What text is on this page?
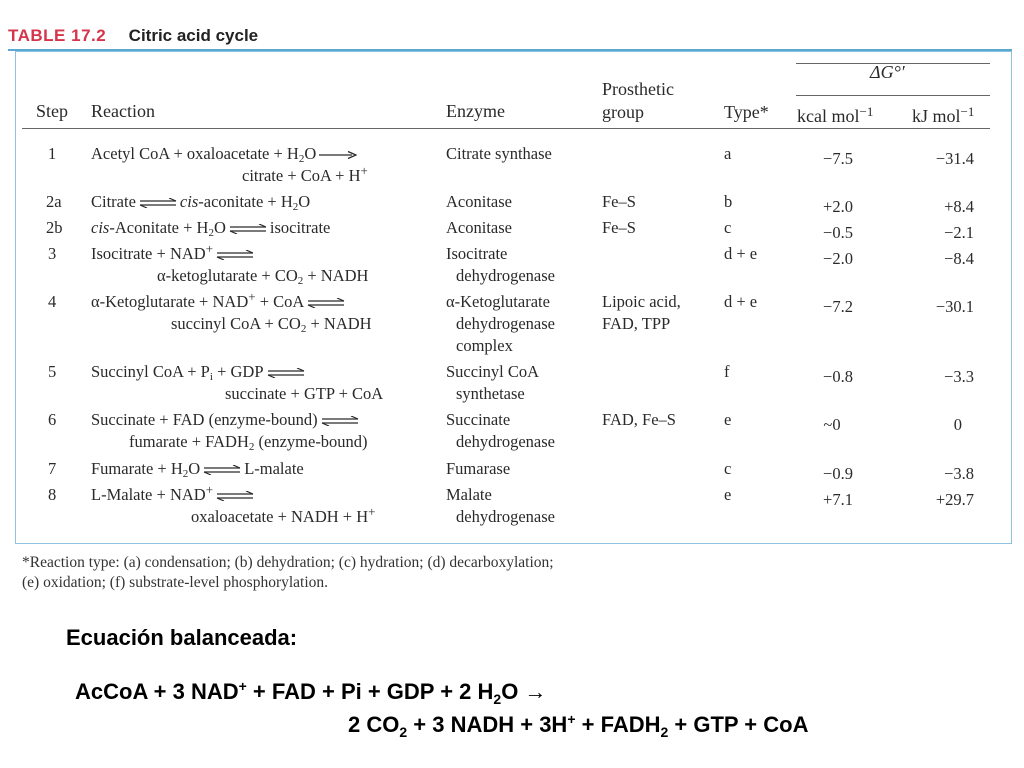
TABLE 17.2 Citric acid cycle
Step Reaction	Enzyme
Prosthetic
group	Type*
ΔG°′
kcal mol$^{-1}$ kJ mol$^{-1}$
1
2a
2b
3
4
5
6
7
8
Acetyl CoA + oxaloacetate + $H_2O$
citrate + CoA + H+
Citrate ⇌ cis-aconitate + $H_2O$
cis-Aconitate + $H_2O$ ⇌ isocitrate
Isocitrate + NAD+ ⇌
α-ketoglutarate + $CO_2$ + NADH
α-Ketoglutarate + NAD+ + CoA ⇌
succinyl CoA + $CO_2$ + NADH
Succinyl CoA + $P_i$ + GDP ⇌
succinate + GTP + CoA
Succinate + FAD (enzyme-bound) ⇌
fumarate + $FADH_2$ (enzyme-bound)
Fumarate + $H_2O$ ⇌ L-malate
L-Malate + NAD+ ⇌
oxaloacetate + NADH + H+
Citrate synthase
Aconitase
Aconitase
Isocitrate
dehydrogenase
α-Ketoglutarate
dehydrogenase
complex
Succinyl CoA
synthetase
Succinate
dehydrogenase
Fumarase
Malate
dehydrogenase
Fe–S
Fe–S
Lipoic acid,
FAD, TPP
FAD, Fe–S
a
b
c
d + e
d + e
f
e
c
e
−7.5
+2.0
−0.5
−2.0
−7.2
−0.8
~0
−0.9
+7.1
−31.4
+8.4
−2.1
−8.4
−30.1
−3.3
0
−3.8
+29.7
*Reaction type: (a) condensation; (b) dehydration; (c) hydration; (d) decarboxylation;
(e) oxidation; (f) substrate-level phosphorylation.
Ecuación balanceada:
AcCoA + 3 NAD+ + FAD + Pi + GDP + 2 $H_2O$ →
2 $CO_2 + 3$ NADH + $3H^+ + FADH_2$ + GTP + CoA
